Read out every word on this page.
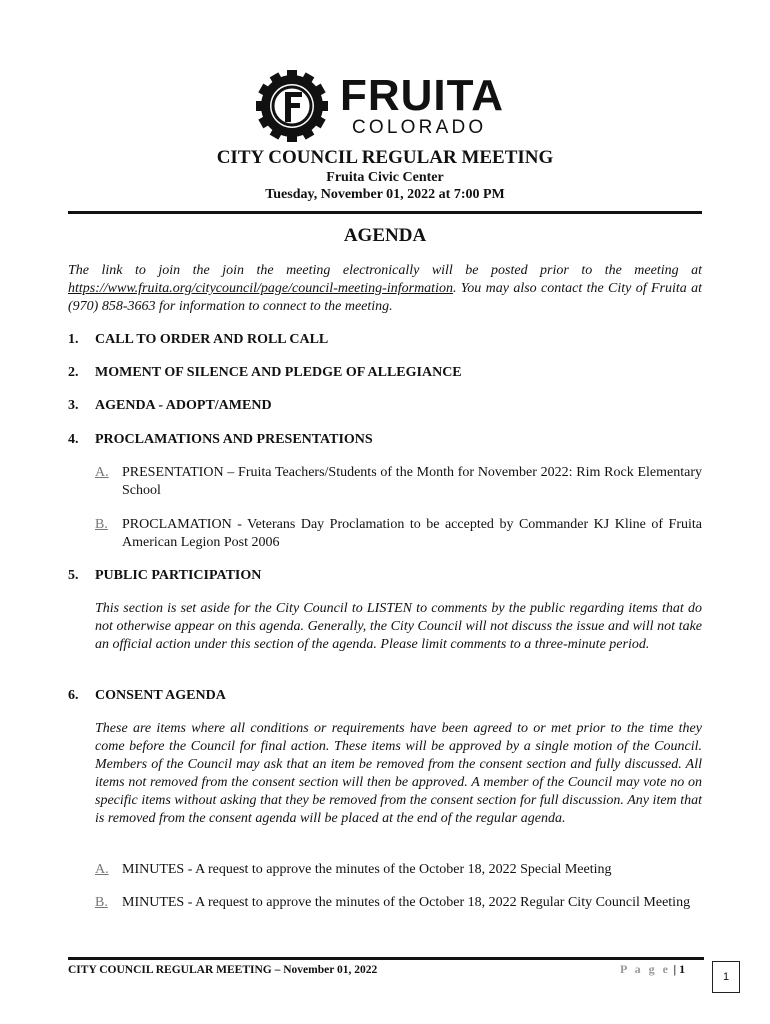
FRUITA
COLORADO
CITY COUNCIL REGULAR MEETING
Fruita Civic Center
Tuesday, November 01, 2022 at 7:00 PM
AGENDA

The link to join the join the meeting electronically will be posted prior to the meeting at https://www.fruita.org/citycouncil/page/council-meeting-information. You may also contact the City of Fruita at (970) 858-3663 for information to connect to the meeting.

1. CALL TO ORDER AND ROLL CALL
2. MOMENT OF SILENCE AND PLEDGE OF ALLEGIANCE
3. AGENDA - ADOPT/AMEND
4. PROCLAMATIONS AND PRESENTATIONS
A. PRESENTATION – Fruita Teachers/Students of the Month for November 2022: Rim Rock Elementary School
B. PROCLAMATION - Veterans Day Proclamation to be accepted by Commander KJ Kline of Fruita American Legion Post 2006
5. PUBLIC PARTICIPATION

This section is set aside for the City Council to LISTEN to comments by the public regarding items that do not otherwise appear on this agenda. Generally, the City Council will not discuss the issue and will not take an official action under this section of the agenda. Please limit comments to a three-minute period.

6. CONSENT AGENDA

These are items where all conditions or requirements have been agreed to or met prior to the time they come before the Council for final action. These items will be approved by a single motion of the Council. Members of the Council may ask that an item be removed from the consent section and fully discussed. All items not removed from the consent section will then be approved. A member of the Council may vote no on specific items without asking that they be removed from the consent section for full discussion. Any item that is removed from the consent agenda will be placed at the end of the regular agenda.

A. MINUTES - A request to approve the minutes of the October 18, 2022 Special Meeting
B. MINUTES - A request to approve the minutes of the October 18, 2022 Regular City Council Meeting
CITY COUNCIL REGULAR MEETING – November 01, 2022	P a g e | 1
1
